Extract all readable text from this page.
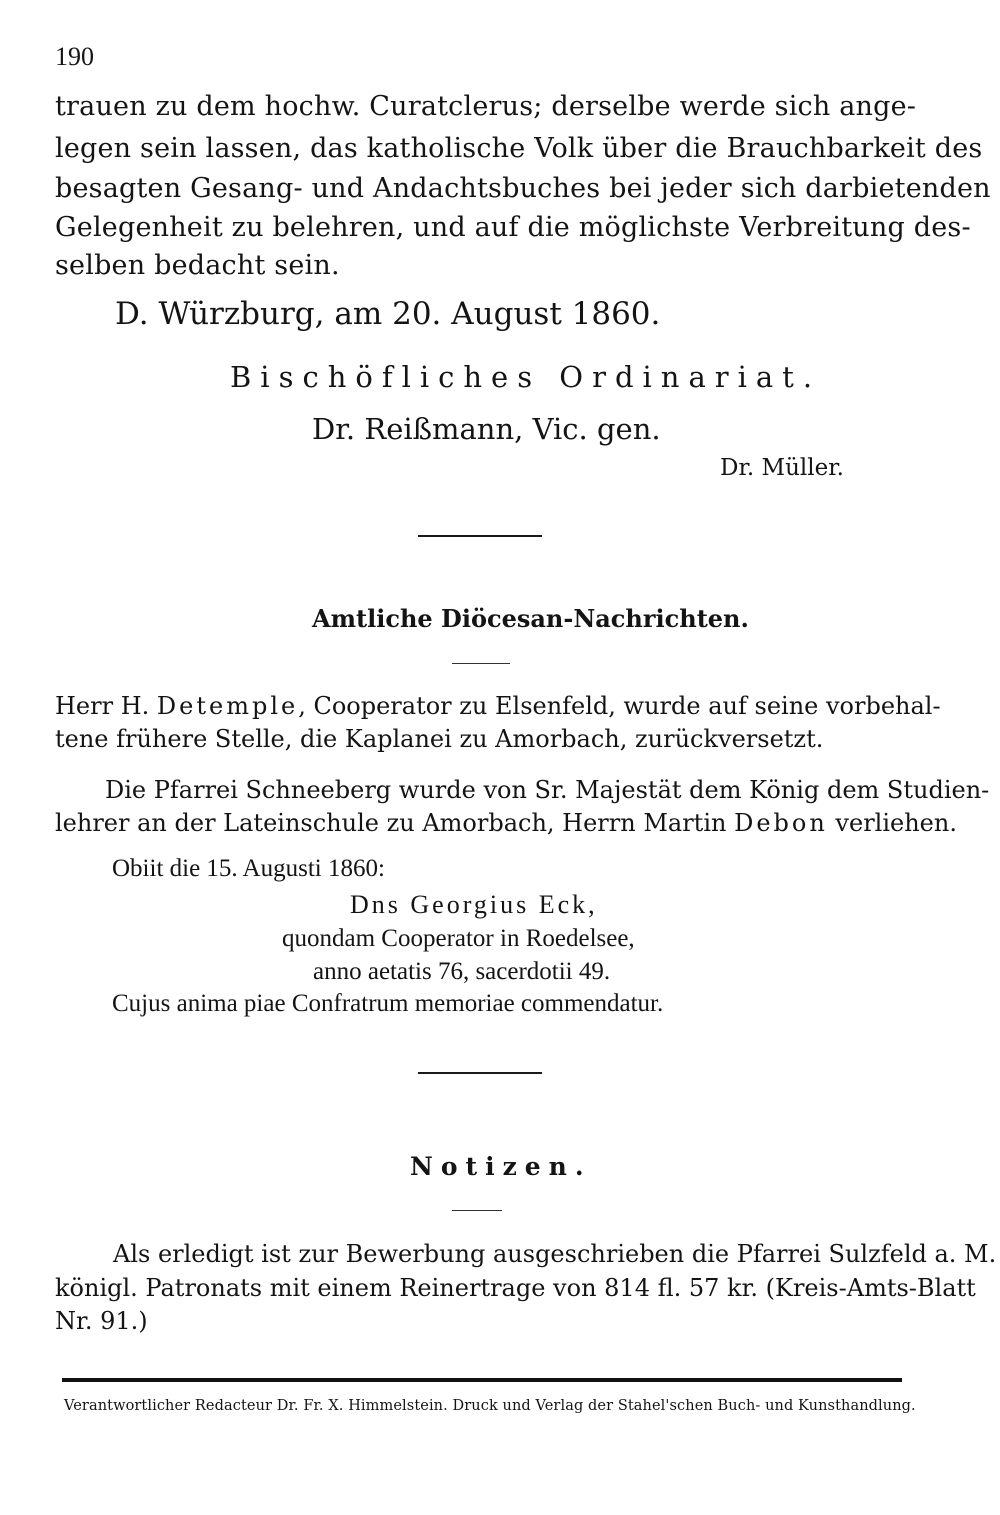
190
trauen zu dem hochw. Curatclerus; derselbe werde sich ange-
legen sein lassen, das katholische Volk über die Brauchbarkeit des
besagten Gesang- und Andachtsbuches bei jeder sich darbietenden
Gelegenheit zu belehren, und auf die möglichste Verbreitung des-
selben bedacht sein.
D. Würzburg, am 20. August 1860.
Bischöfliches Ordinariat.
Dr. Reißmann, Vic. gen.
Dr. Müller.
Amtliche Diöcesan-Nachrichten.
Herr H. Detemple, Cooperator zu Elsenfeld, wurde auf seine vorbehal-
tene frühere Stelle, die Kaplanei zu Amorbach, zurückversetzt.
Die Pfarrei Schneeberg wurde von Sr. Majestät dem König dem Studien-
lehrer an der Lateinschule zu Amorbach, Herrn Martin Debon verliehen.
Obiit die 15. Augusti 1860:
Dns Georgius Eck,
quondam Cooperator in Roedelsee,
anno aetatis 76, sacerdotii 49.
Cujus anima piae Confratrum memoriae commendatur.
Notizen.
Als erledigt ist zur Bewerbung ausgeschrieben die Pfarrei Sulzfeld a. M.
königl. Patronats mit einem Reinertrage von 814 fl. 57 kr. (Kreis-Amts-Blatt
Nr. 91.)
Verantwortlicher Redacteur Dr. Fr. X. Himmelstein. Druck und Verlag der Stahel'schen Buch- und Kunsthandlung.
